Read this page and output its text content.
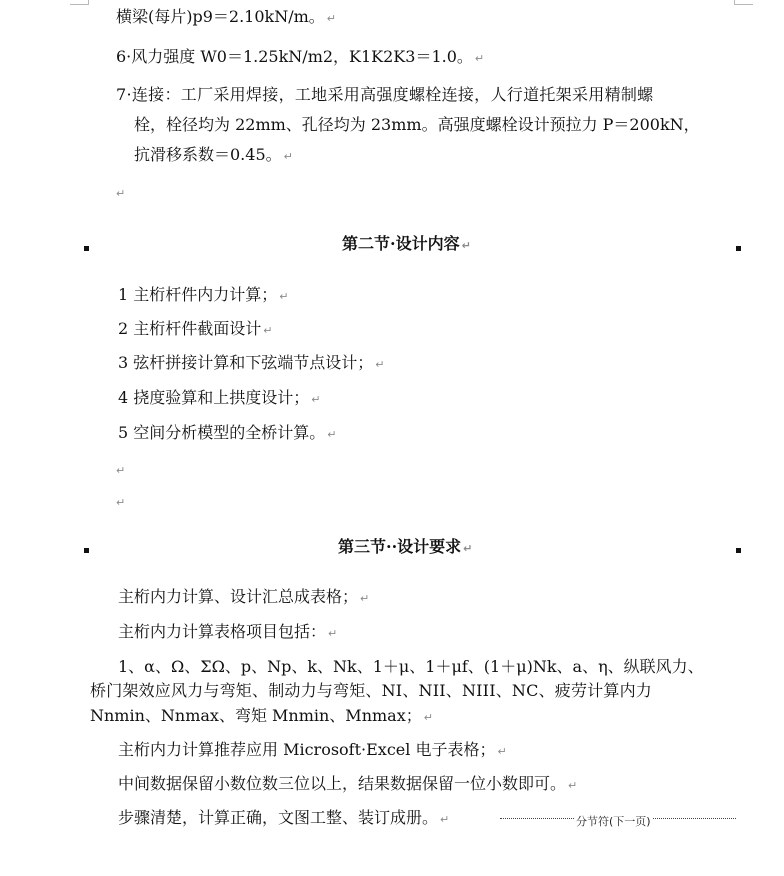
横梁(每片)p9＝2.10kN/m。 ↵
6·风力强度 W0＝1.25kN/m2，K1K2K3＝1.0。 ↵
7·连接：工厂采用焊接，工地采用高强度螺栓连接，人行道托架采用精制螺
栓，栓径均为 22mm、孔径均为 23mm。高强度螺栓设计预拉力 P＝200kN，
抗滑移系数＝0.45。 ↵
↵
第二节·设计内容 ↵
1 主桁杆件内力计算； ↵
2 主桁杆件截面设计 ↵
3 弦杆拼接计算和下弦端节点设计； ↵
4 挠度验算和上拱度设计； ↵
5 空间分析模型的全桥计算。 ↵
↵
↵
第三节··设计要求 ↵
主桁内力计算、设计汇总成表格； ↵
主桁内力计算表格项目包括： ↵
1、α、Ω、ΣΩ、p、Np、k、Nk、1＋μ、1＋μf、(1＋μ)Nk、a、η、纵联风力、
桥门架效应风力与弯矩、制动力与弯矩、NI、NII、NIII、NC、疲劳计算内力
Nnmin、Nnmax、弯矩 Mnmin、Mnmax； ↵
主桁内力计算推荐应用 Microsoft·Excel 电子表格； ↵
中间数据保留小数位数三位以上，结果数据保留一位小数即可。 ↵
步骤清楚，计算正确，文图工整、装订成册。 ↵	分节符(下一页)
